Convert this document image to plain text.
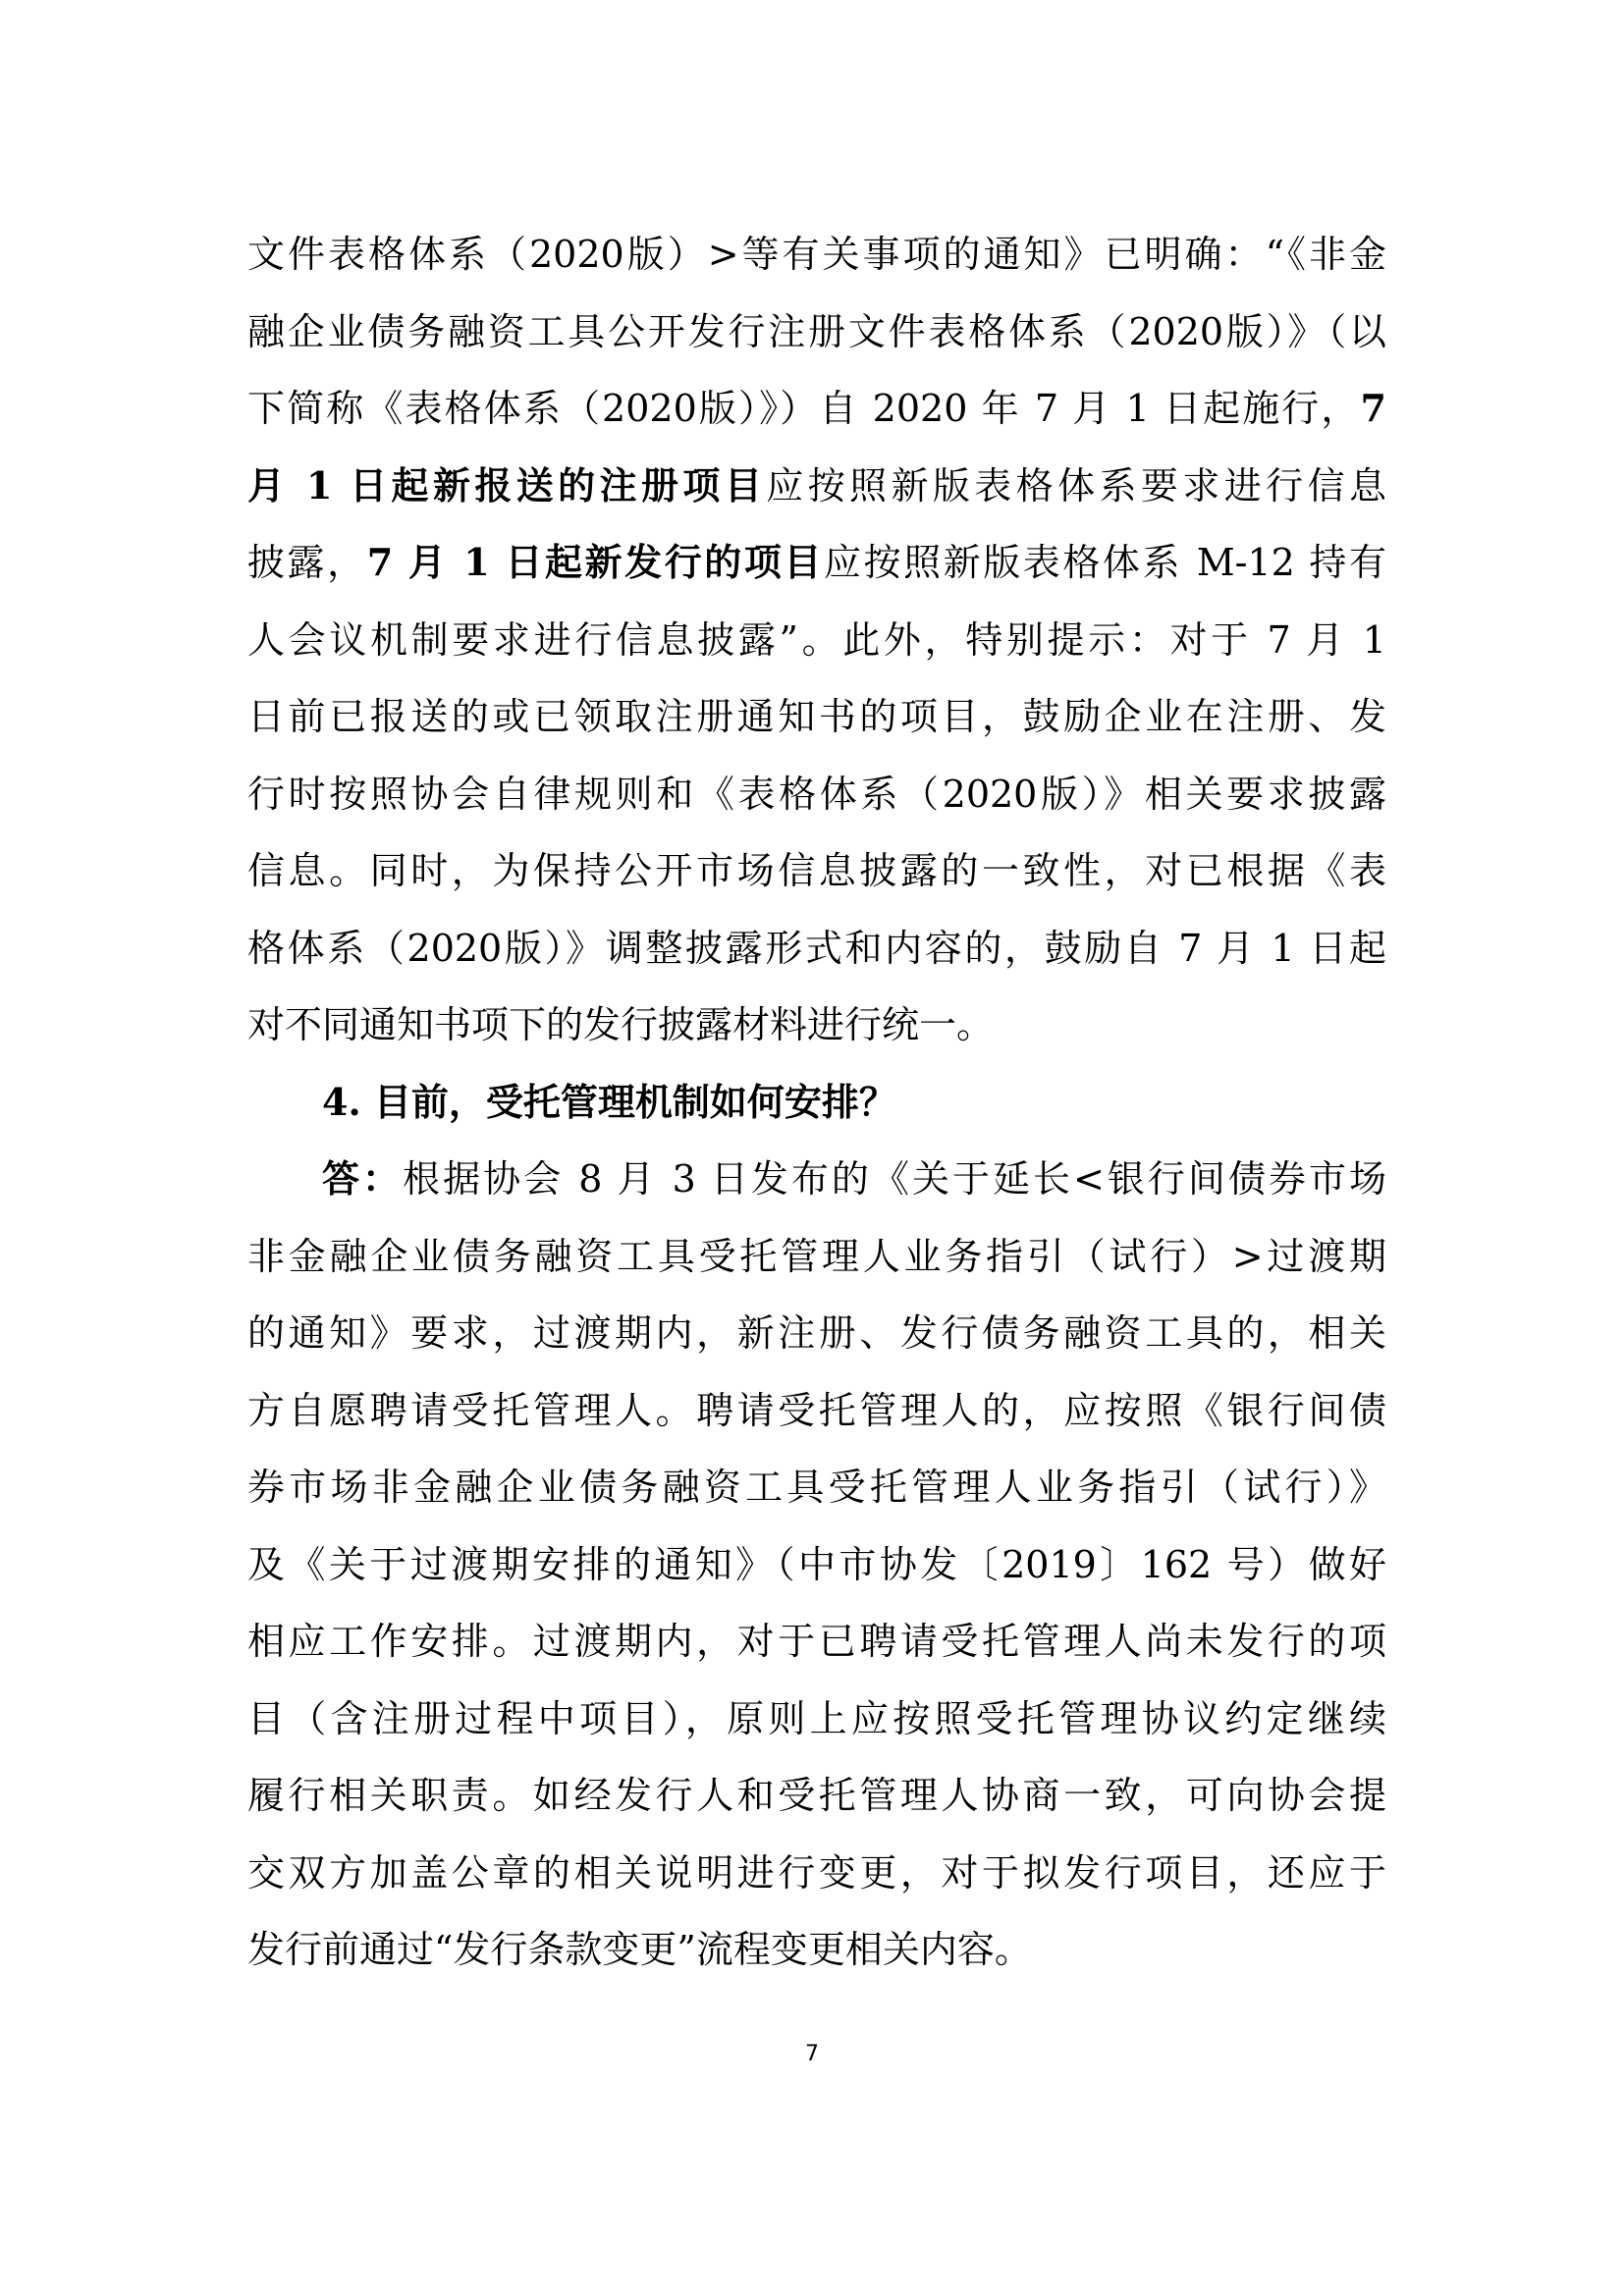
文件表格体系（2020版）>等有关事项的通知》已明确：“《非金
融企业债务融资工具公开发行注册文件表格体系（2020版）》（以
下简称《表格体系（2020版）》）自 2020 年 7 月 1 日起施行，7
月 1 日起新报送的注册项目应按照新版表格体系要求进行信息
披露，7 月 1 日起新发行的项目应按照新版表格体系 M-12 持有
人会议机制要求进行信息披露”。此外，特别提示：对于 7 月 1
日前已报送的或已领取注册通知书的项目，鼓励企业在注册、发
行时按照协会自律规则和《表格体系（2020版）》相关要求披露
信息。同时，为保持公开市场信息披露的一致性，对已根据《表
格体系（2020版）》调整披露形式和内容的，鼓励自 7 月 1 日起
对不同通知书项下的发行披露材料进行统一。
4. 目前，受托管理机制如何安排？
答：根据协会 8 月 3 日发布的《关于延长<银行间债券市场
非金融企业债务融资工具受托管理人业务指引（试行）>过渡期
的通知》要求，过渡期内，新注册、发行债务融资工具的，相关
方自愿聘请受托管理人。聘请受托管理人的，应按照《银行间债
券市场非金融企业债务融资工具受托管理人业务指引（试行）》
及《关于过渡期安排的通知》（中市协发〔2019〕162 号）做好
相应工作安排。过渡期内，对于已聘请受托管理人尚未发行的项
目（含注册过程中项目），原则上应按照受托管理协议约定继续
履行相关职责。如经发行人和受托管理人协商一致，可向协会提
交双方加盖公章的相关说明进行变更，对于拟发行项目，还应于
发行前通过“发行条款变更”流程变更相关内容。
7
